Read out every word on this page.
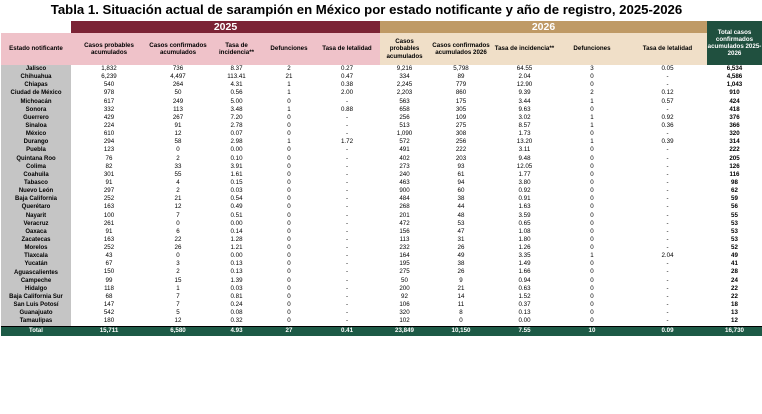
Tabla 1. Situación actual de sarampión en México por estado notificante y año de registro, 2025-2026
	2025					2026					Total casos confirmados acumulados 2025-2026
Estado notificante	Casos probables acumulados	Casos confirmados acumulados	Tasa de incidencia**	Defunciones	Tasa de letalidad	Casos probables acumulados	Casos confirmados acumulados 2026	Tasa de incidencia**	Defunciones	Tasa de letalidad	
Jalisco	1,832	736	8.37	2	0.27	9,216	5,798	64.55	3	0.05	6,534
Chihuahua	6,239	4,497	113.41	21	0.47	334	89	2.04	0	-	4,586
Chiapas	540	264	4.31	1	0.38	2,245	779	12.90	0	-	1,043
Ciudad de México	978	50	0.56	1	2.00	2,203	860	9.39	2	0.12	910
Michoacán	617	249	5.00	0	-	563	175	3.44	1	0.57	424
Sonora	332	113	3.48	1	0.88	658	305	9.63	0	-	418
Guerrero	429	267	7.20	0	-	256	109	3.02	1	0.92	376
Sinaloa	224	91	2.78	0	-	513	275	8.57	1	0.36	366
México	610	12	0.07	0	-	1,090	308	1.73	0	-	320
Durango	294	58	2.98	1	1.72	572	256	13.20	1	0.39	314
Puebla	123	0	0.00	0	-	491	222	3.11	0	-	222
Quintana Roo	76	2	0.10	0	-	402	203	9.48	0	-	205
Colima	82	33	3.91	0	-	273	93	12.05	0	-	126
Coahuila	301	55	1.61	0	-	240	61	1.77	0	-	116
Tabasco	91	4	0.15	0	-	463	94	3.80	0	-	98
Nuevo León	297	2	0.03	0	-	900	60	0.92	0	-	62
Baja California	252	21	0.54	0	-	484	38	0.91	0	-	59
Querétaro	163	12	0.49	0	-	268	44	1.63	0	-	56
Nayarit	100	7	0.51	0	-	201	48	3.59	0	-	55
Veracruz	261	0	0.00	0	-	472	53	0.65	0	-	53
Oaxaca	91	6	0.14	0	-	156	47	1.08	0	-	53
Zacatecas	163	22	1.28	0	-	113	31	1.80	0	-	53
Morelos	252	26	1.21	0	-	232	26	1.26	0	-	52
Tlaxcala	43	0	0.00	0	-	164	49	3.35	1	2.04	49
Yucatán	67	3	0.13	0	-	195	38	1.49	0	-	41
Aguascalientes	150	2	0.13	0	-	275	26	1.66	0	-	28
Campeche	99	15	1.39	0	-	50	9	0.94	0	-	24
Hidalgo	118	1	0.03	0	-	200	21	0.63	0	-	22
Baja California Sur	68	7	0.81	0	-	92	14	1.52	0	-	22
San Luis Potosí	147	7	0.24	0	-	106	11	0.37	0	-	18
Guanajuato	542	5	0.08	0	-	320	8	0.13	0	-	13
Tamaulipas	180	12	0.32	0	-	102	0	0.00	0	-	12
Total	15,711	6,580	4.93	27	0.41	23,849	10,150	7.55	10	0.09	16,730
